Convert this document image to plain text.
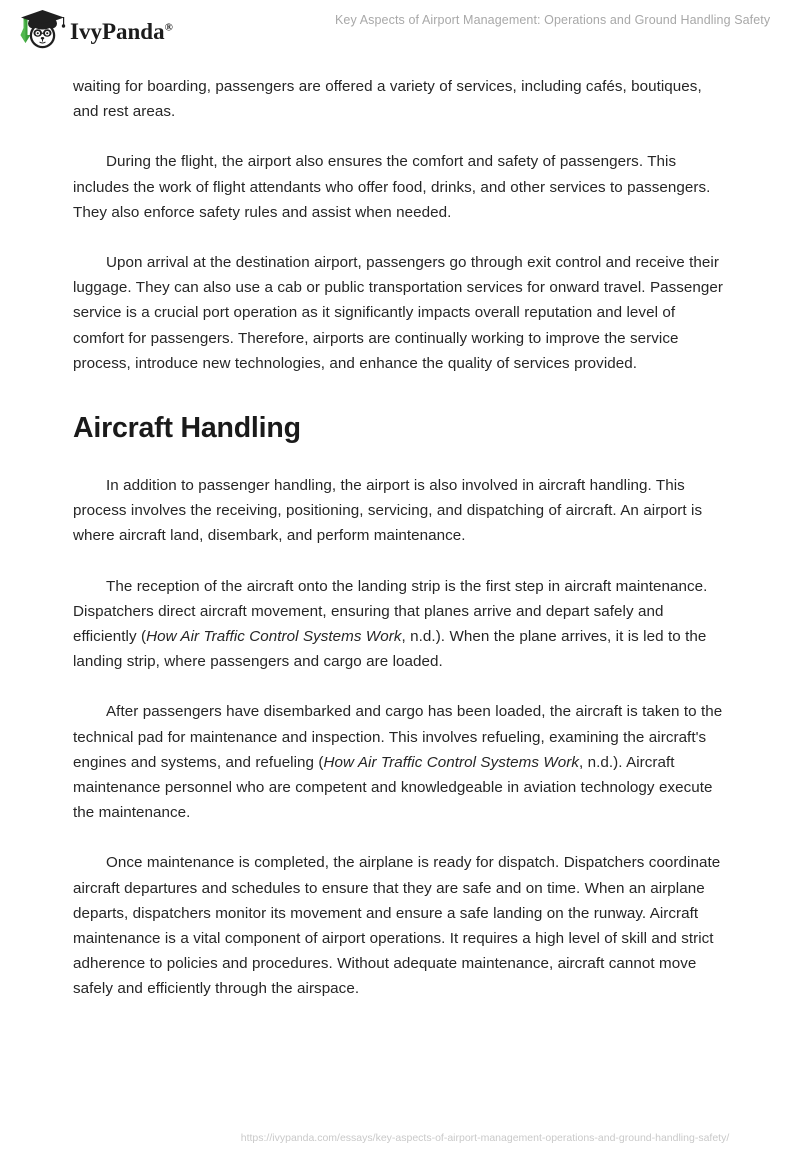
IvyPanda®	Key Aspects of Airport Management: Operations and Ground Handling Safety

waiting for boarding, passengers are offered a variety of services, including cafés, boutiques, and rest areas.

During the flight, the airport also ensures the comfort and safety of passengers. This includes the work of flight attendants who offer food, drinks, and other services to passengers. They also enforce safety rules and assist when needed.

Upon arrival at the destination airport, passengers go through exit control and receive their luggage. They can also use a cab or public transportation services for onward travel. Passenger service is a crucial port operation as it significantly impacts overall reputation and level of comfort for passengers. Therefore, airports are continually working to improve the service process, introduce new technologies, and enhance the quality of services provided.

Aircraft Handling

In addition to passenger handling, the airport is also involved in aircraft handling. This process involves the receiving, positioning, servicing, and dispatching of aircraft. An airport is where aircraft land, disembark, and perform maintenance.

The reception of the aircraft onto the landing strip is the first step in aircraft maintenance. Dispatchers direct aircraft movement, ensuring that planes arrive and depart safely and efficiently (How Air Traffic Control Systems Work, n.d.). When the plane arrives, it is led to the landing strip, where passengers and cargo are loaded.

After passengers have disembarked and cargo has been loaded, the aircraft is taken to the technical pad for maintenance and inspection. This involves refueling, examining the aircraft's engines and systems, and refueling (How Air Traffic Control Systems Work, n.d.). Aircraft maintenance personnel who are competent and knowledgeable in aviation technology execute the maintenance.

Once maintenance is completed, the airplane is ready for dispatch. Dispatchers coordinate aircraft departures and schedules to ensure that they are safe and on time. When an airplane departs, dispatchers monitor its movement and ensure a safe landing on the runway. Aircraft maintenance is a vital component of airport operations. It requires a high level of skill and strict adherence to policies and procedures. Without adequate maintenance, aircraft cannot move safely and efficiently through the airspace.

https://ivypanda.com/essays/key-aspects-of-airport-management-operations-and-ground-handling-safety/
